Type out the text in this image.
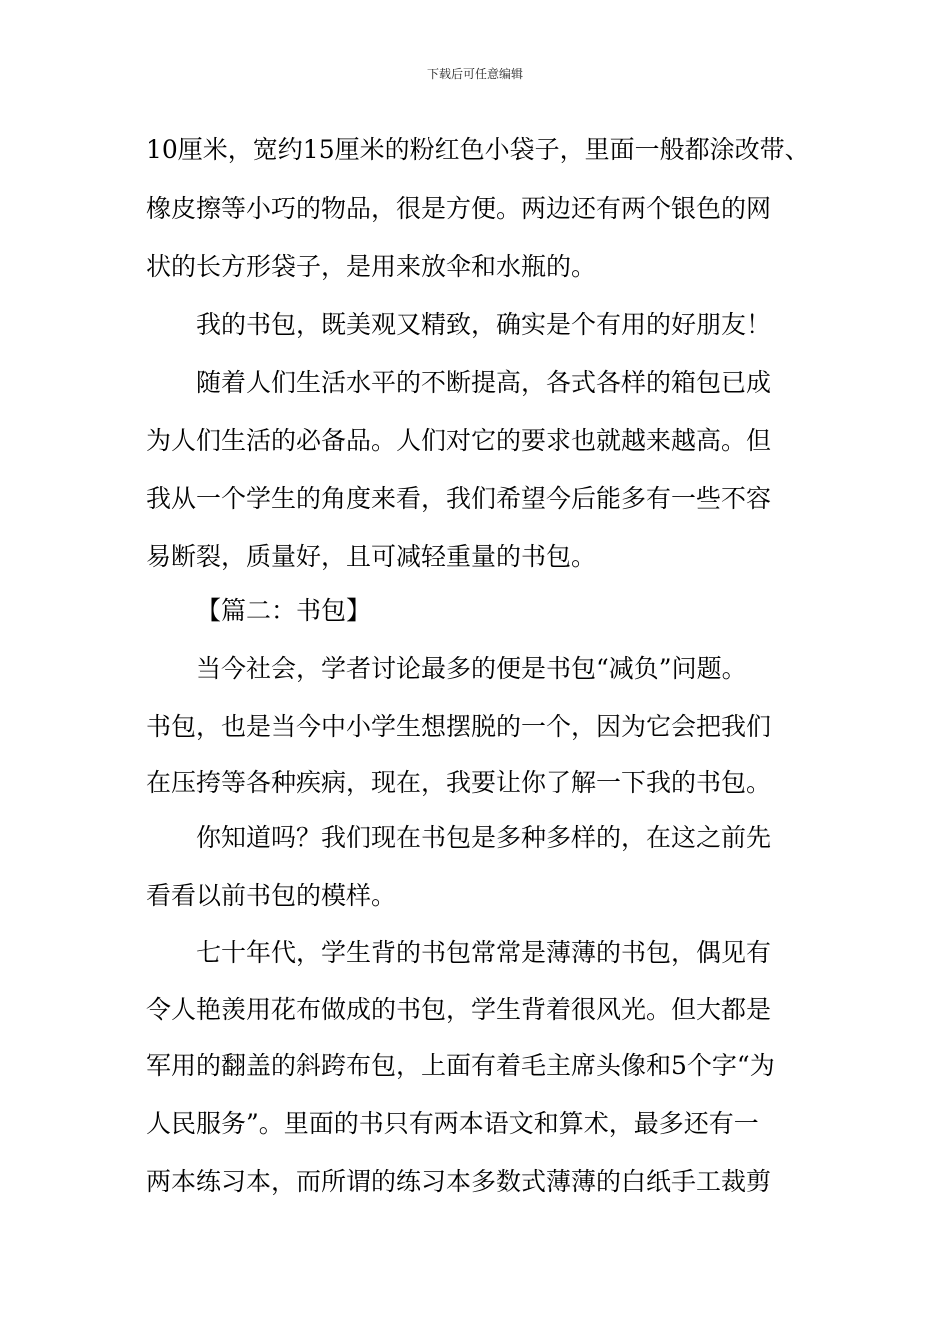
下载后可任意编辑
10厘米，宽约15厘米的粉红色小袋子，里面一般都涂改带、
橡皮擦等小巧的物品，很是方便。两边还有两个银色的网
状的长方形袋子，是用来放伞和水瓶的。
我的书包，既美观又精致，确实是个有用的好朋友！
随着人们生活水平的不断提高，各式各样的箱包已成
为人们生活的必备品。人们对它的要求也就越来越高。但
我从一个学生的角度来看，我们希望今后能多有一些不容
易断裂，质量好，且可减轻重量的书包。
【篇二：书包】
当今社会，学者讨论最多的便是书包“减负”问题。
书包，也是当今中小学生想摆脱的一个，因为它会把我们
在压挎等各种疾病，现在，我要让你了解一下我的书包。
你知道吗？我们现在书包是多种多样的，在这之前先
看看以前书包的模样。
七十年代，学生背的书包常常是薄薄的书包，偶见有
令人艳羡用花布做成的书包，学生背着很风光。但大都是
军用的翻盖的斜跨布包，上面有着毛主席头像和5个字“为
人民服务”。里面的书只有两本语文和算术，最多还有一
两本练习本，而所谓的练习本多数式薄薄的白纸手工裁剪
